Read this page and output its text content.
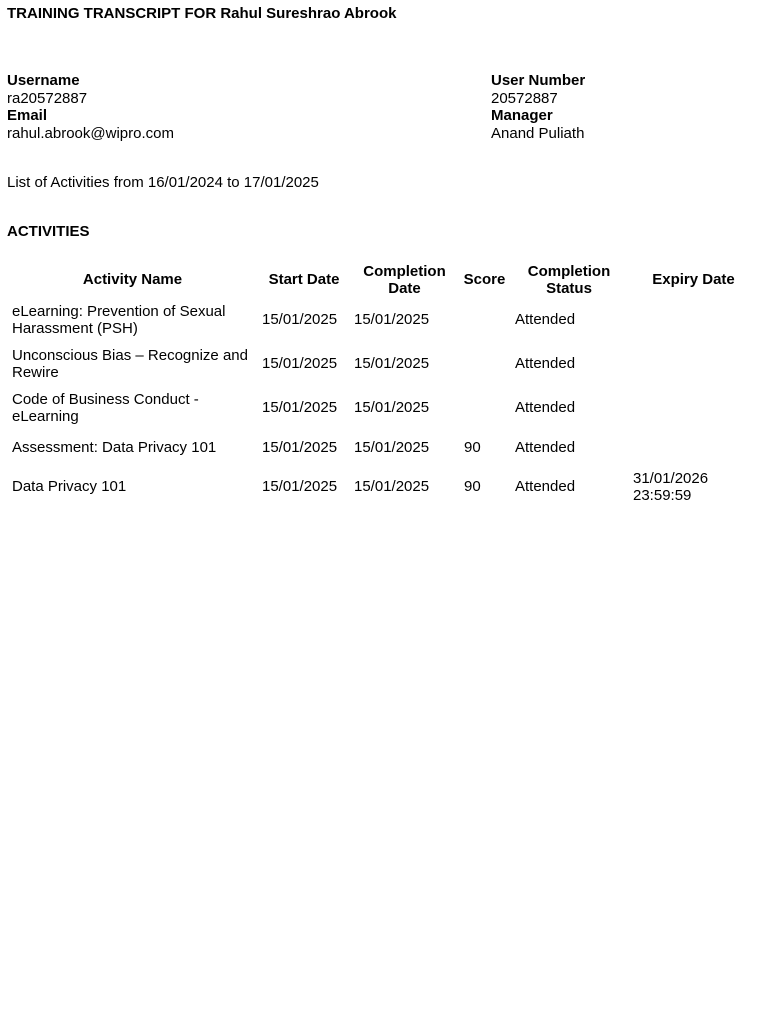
TRAINING TRANSCRIPT FOR Rahul Sureshrao Abrook
Username
ra20572887
Email
rahul.abrook@wipro.com
User Number
20572887
Manager
Anand Puliath
List of Activities from 16/01/2024 to 17/01/2025
ACTIVITIES
Activity Name	Start Date	Completion Date	Score	Completion Status	Expiry Date
eLearning: Prevention of Sexual Harassment (PSH)	15/01/2025	15/01/2025		Attended	
Unconscious Bias – Recognize and Rewire	15/01/2025	15/01/2025		Attended	
Code of Business Conduct - eLearning	15/01/2025	15/01/2025		Attended	
Assessment: Data Privacy 101	15/01/2025	15/01/2025	90	Attended	
Data Privacy 101	15/01/2025	15/01/2025	90	Attended	31/01/2026 23:59:59
